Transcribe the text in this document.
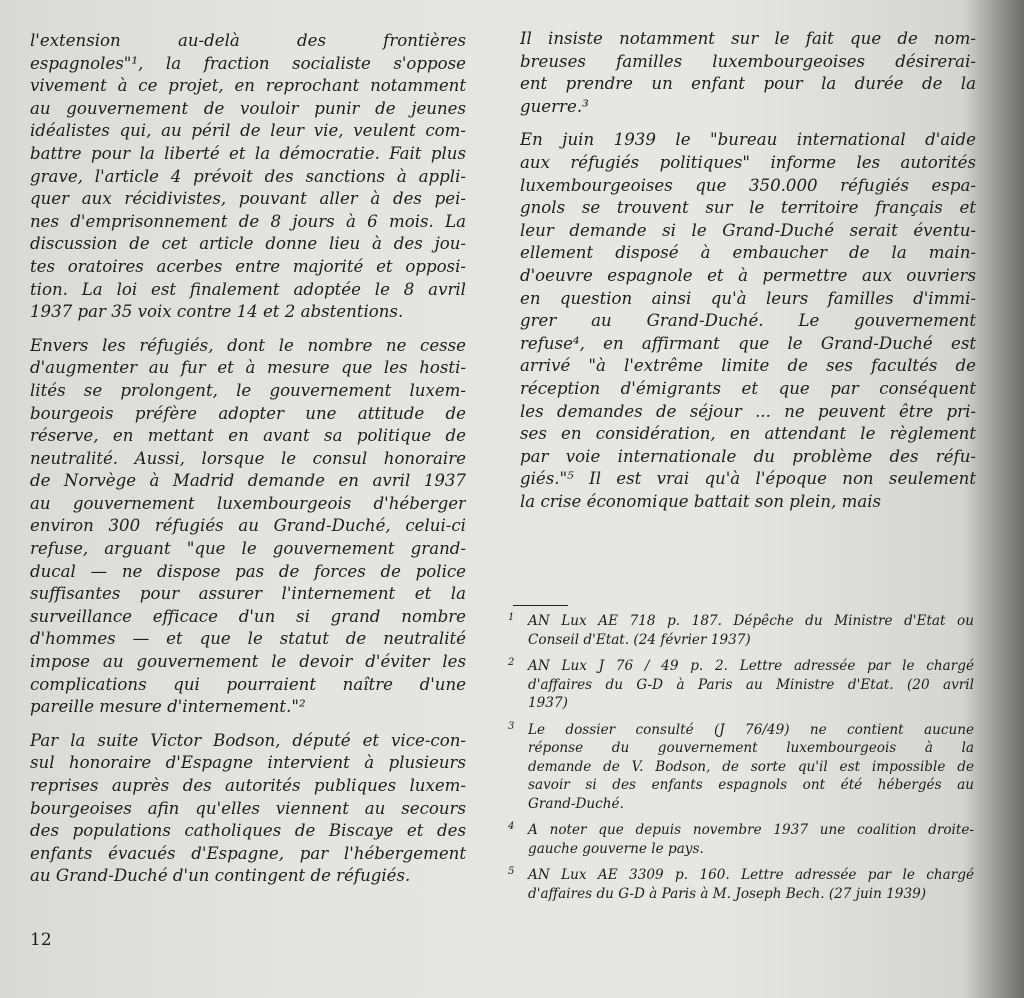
l'extension au-delà des frontières
espagnoles"¹, la fraction socialiste s'oppose
vivement à ce projet, en reprochant notamment
au gouvernement de vouloir punir de jeunes
idéalistes qui, au péril de leur vie, veulent com-
battre pour la liberté et la démocratie. Fait plus
grave, l'article 4 prévoit des sanctions à appli-
quer aux récidivistes, pouvant aller à des pei-
nes d'emprisonnement de 8 jours à 6 mois. La
discussion de cet article donne lieu à des jou-
tes oratoires acerbes entre majorité et opposi-
tion. La loi est finalement adoptée le 8 avril
1937 par 35 voix contre 14 et 2 abstentions.
Envers les réfugiés, dont le nombre ne cesse
d'augmenter au fur et à mesure que les hosti-
lités se prolongent, le gouvernement luxem-
bourgeois préfère adopter une attitude de
réserve, en mettant en avant sa politique de
neutralité. Aussi, lorsque le consul honoraire
de Norvège à Madrid demande en avril 1937
au gouvernement luxembourgeois d'héberger
environ 300 réfugiés au Grand-Duché, celui-ci
refuse, arguant "que le gouvernement grand-
ducal — ne dispose pas de forces de police
suffisantes pour assurer l'internement et la
surveillance efficace d'un si grand nombre
d'hommes — et que le statut de neutralité
impose au gouvernement le devoir d'éviter les
complications qui pourraient naître d'une
pareille mesure d'internement."²
Par la suite Victor Bodson, député et vice-con-
sul honoraire d'Espagne intervient à plusieurs
reprises auprès des autorités publiques luxem-
bourgeoises afin qu'elles viennent au secours
des populations catholiques de Biscaye et des
enfants évacués d'Espagne, par l'hébergement
au Grand-Duché d'un contingent de réfugiés.
Il insiste notamment sur le fait que de nom-
breuses familles luxembourgeoises désirerai-
ent prendre un enfant pour la durée de la
guerre.³
En juin 1939 le "bureau international d'aide
aux réfugiés politiques" informe les autorités
luxembourgeoises que 350.000 réfugiés espa-
gnols se trouvent sur le territoire français et
leur demande si le Grand-Duché serait éventu-
ellement disposé à embaucher de la main-
d'oeuvre espagnole et à permettre aux ouvriers
en question ainsi qu'à leurs familles d'immi-
grer au Grand-Duché. Le gouvernement
refuse⁴, en affirmant que le Grand-Duché est
arrivé "à l'extrême limite de ses facultés de
réception d'émigrants et que par conséquent
les demandes de séjour ... ne peuvent être pri-
ses en considération, en attendant le règlement
par voie internationale du problème des réfu-
giés."⁵ Il est vrai qu'à l'époque non seulement
la crise économique battait son plein, mais
1 AN Lux AE 718 p. 187. Dépêche du Ministre d'Etat ou
Conseil d'Etat. (24 février 1937)
2 AN Lux J 76 / 49 p. 2. Lettre adressée par le chargé
d'affaires du G-D à Paris au Ministre d'Etat. (20 avril
1937)
3 Le dossier consulté (J 76/49) ne contient aucune
réponse du gouvernement luxembourgeois à la
demande de V. Bodson, de sorte qu'il est impossible de
savoir si des enfants espagnols ont été hébergés au
Grand-Duché.
4 A noter que depuis novembre 1937 une coalition droite-
gauche gouverne le pays.
5 AN Lux AE 3309 p. 160. Lettre adressée par le chargé
d'affaires du G-D à Paris à M. Joseph Bech. (27 juin 1939)
12
